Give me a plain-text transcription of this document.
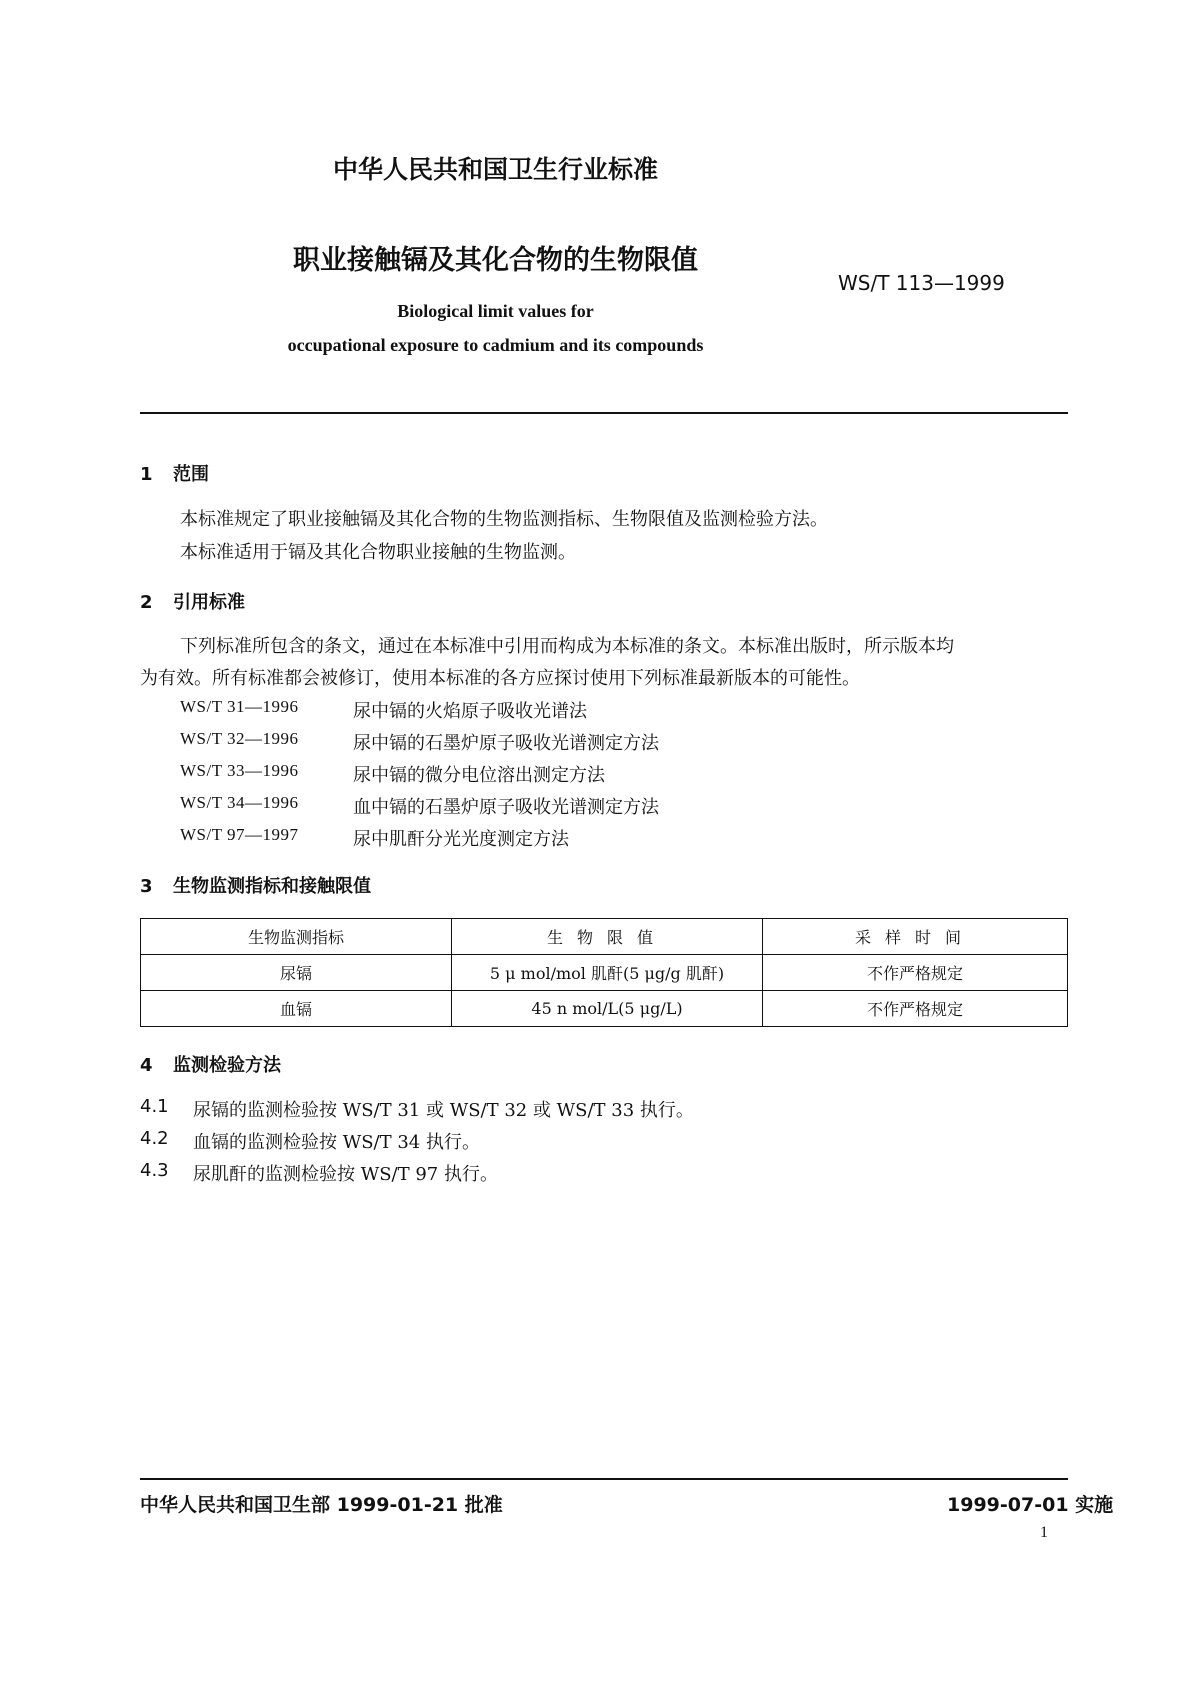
中华人民共和国卫生行业标准
职业接触镉及其化合物的生物限值
WS/T 113—1999
Biological limit values for
occupational exposure to cadmium and its compounds
1 范围
本标准规定了职业接触镉及其化合物的生物监测指标、生物限值及监测检验方法。
本标准适用于镉及其化合物职业接触的生物监测。
2 引用标准
下列标准所包含的条文，通过在本标准中引用而构成为本标准的条文。本标准出版时，所示版本均
为有效。所有标准都会被修订，使用本标准的各方应探讨使用下列标准最新版本的可能性。
WS/T 31—1996	尿中镉的火焰原子吸收光谱法
WS/T 32—1996	尿中镉的石墨炉原子吸收光谱测定方法
WS/T 33—1996	尿中镉的微分电位溶出测定方法
WS/T 34—1996	血中镉的石墨炉原子吸收光谱测定方法
WS/T 97—1997	尿中肌酐分光光度测定方法
3 生物监测指标和接触限值
生物监测指标	生物限值	采样时间
尿镉	5 μ mol/mol 肌酐(5 μg/g 肌酐)	不作严格规定
血镉	45 n mol/L(5 μg/L)	不作严格规定
4 监测检验方法
4.1 尿镉的监测检验按 WS/T 31 或 WS/T 32 或 WS/T 33 执行。
4.2 血镉的监测检验按 WS/T 34 执行。
4.3 尿肌酐的监测检验按 WS/T 97 执行。
中华人民共和国卫生部 1999-01-21 批准	1999-07-01 实施
1
